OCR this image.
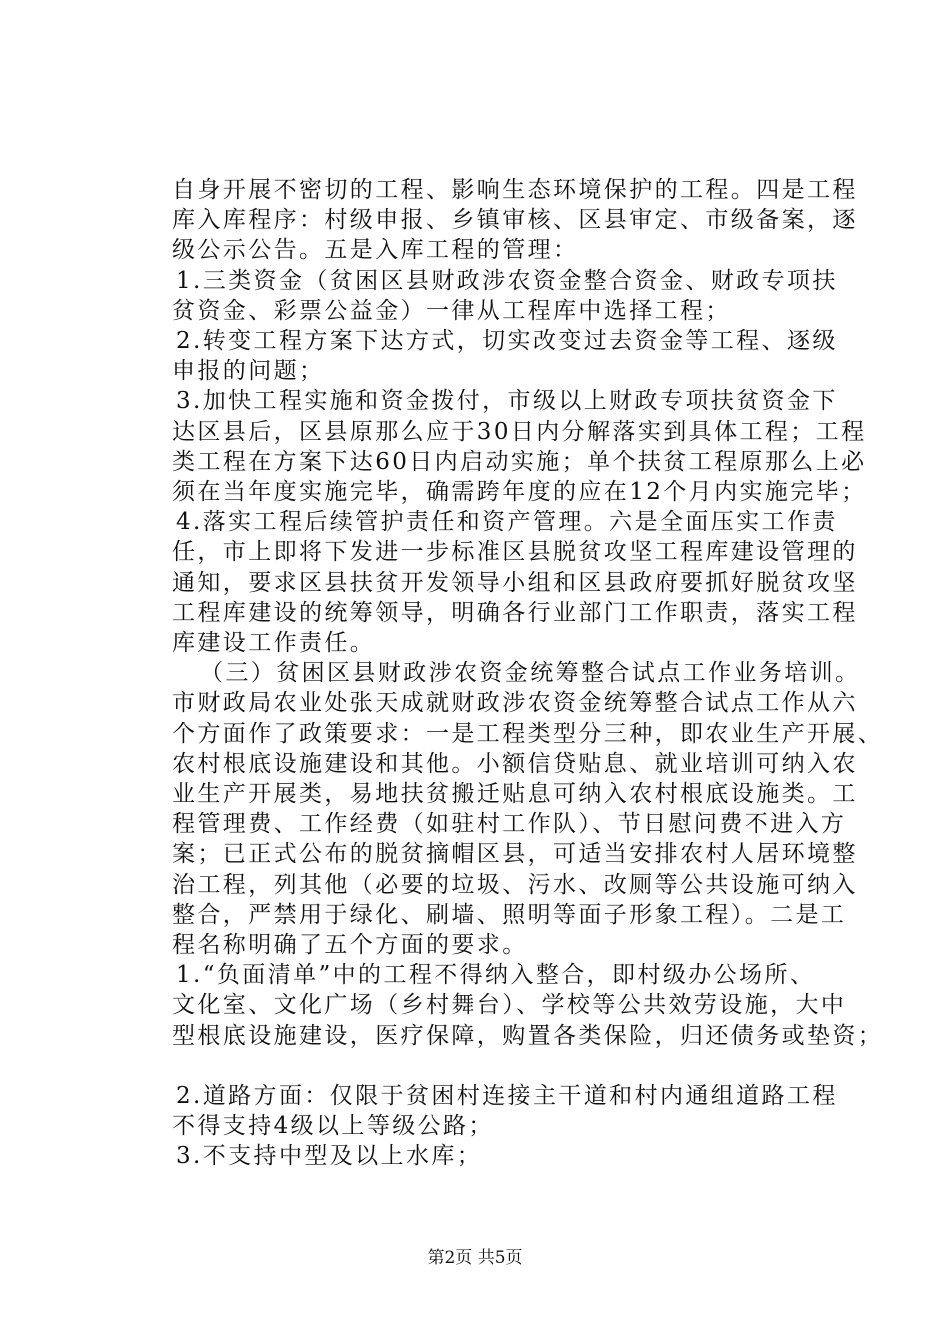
自身开展不密切的工程、影响生态环境保护的工程。四是工程
库入库程序：村级申报、乡镇审核、区县审定、市级备案，逐
级公示公告。五是入库工程的管理：
1.三类资金（贫困区县财政涉农资金整合资金、财政专项扶
贫资金、彩票公益金）一律从工程库中选择工程；
2.转变工程方案下达方式，切实改变过去资金等工程、逐级
申报的问题；
3.加快工程实施和资金拨付，市级以上财政专项扶贫资金下
达区县后，区县原那么应于30日内分解落实到具体工程；工程
类工程在方案下达60日内启动实施；单个扶贫工程原那么上必
须在当年度实施完毕，确需跨年度的应在12个月内实施完毕；
4.落实工程后续管护责任和资产管理。六是全面压实工作责
任，市上即将下发进一步标准区县脱贫攻坚工程库建设管理的
通知，要求区县扶贫开发领导小组和区县政府要抓好脱贫攻坚
工程库建设的统筹领导，明确各行业部门工作职责，落实工程
库建设工作责任。
（三）贫困区县财政涉农资金统筹整合试点工作业务培训。
市财政局农业处张天成就财政涉农资金统筹整合试点工作从六
个方面作了政策要求：一是工程类型分三种，即农业生产开展、
农村根底设施建设和其他。小额信贷贴息、就业培训可纳入农
业生产开展类，易地扶贫搬迁贴息可纳入农村根底设施类。工
程管理费、工作经费（如驻村工作队）、节日慰问费不进入方
案；已正式公布的脱贫摘帽区县，可适当安排农村人居环境整
治工程，列其他（必要的垃圾、污水、改厕等公共设施可纳入
整合，严禁用于绿化、刷墙、照明等面子形象工程）。二是工
程名称明确了五个方面的要求。
1.“负面清单”中的工程不得纳入整合，即村级办公场所、
文化室、文化广场（乡村舞台）、学校等公共效劳设施，大中
型根底设施建设，医疗保障，购置各类保险，归还债务或垫资；
2.道路方面：仅限于贫困村连接主干道和村内通组道路工程
不得支持4级以上等级公路；
3.不支持中型及以上水库；
第2页 共5页
